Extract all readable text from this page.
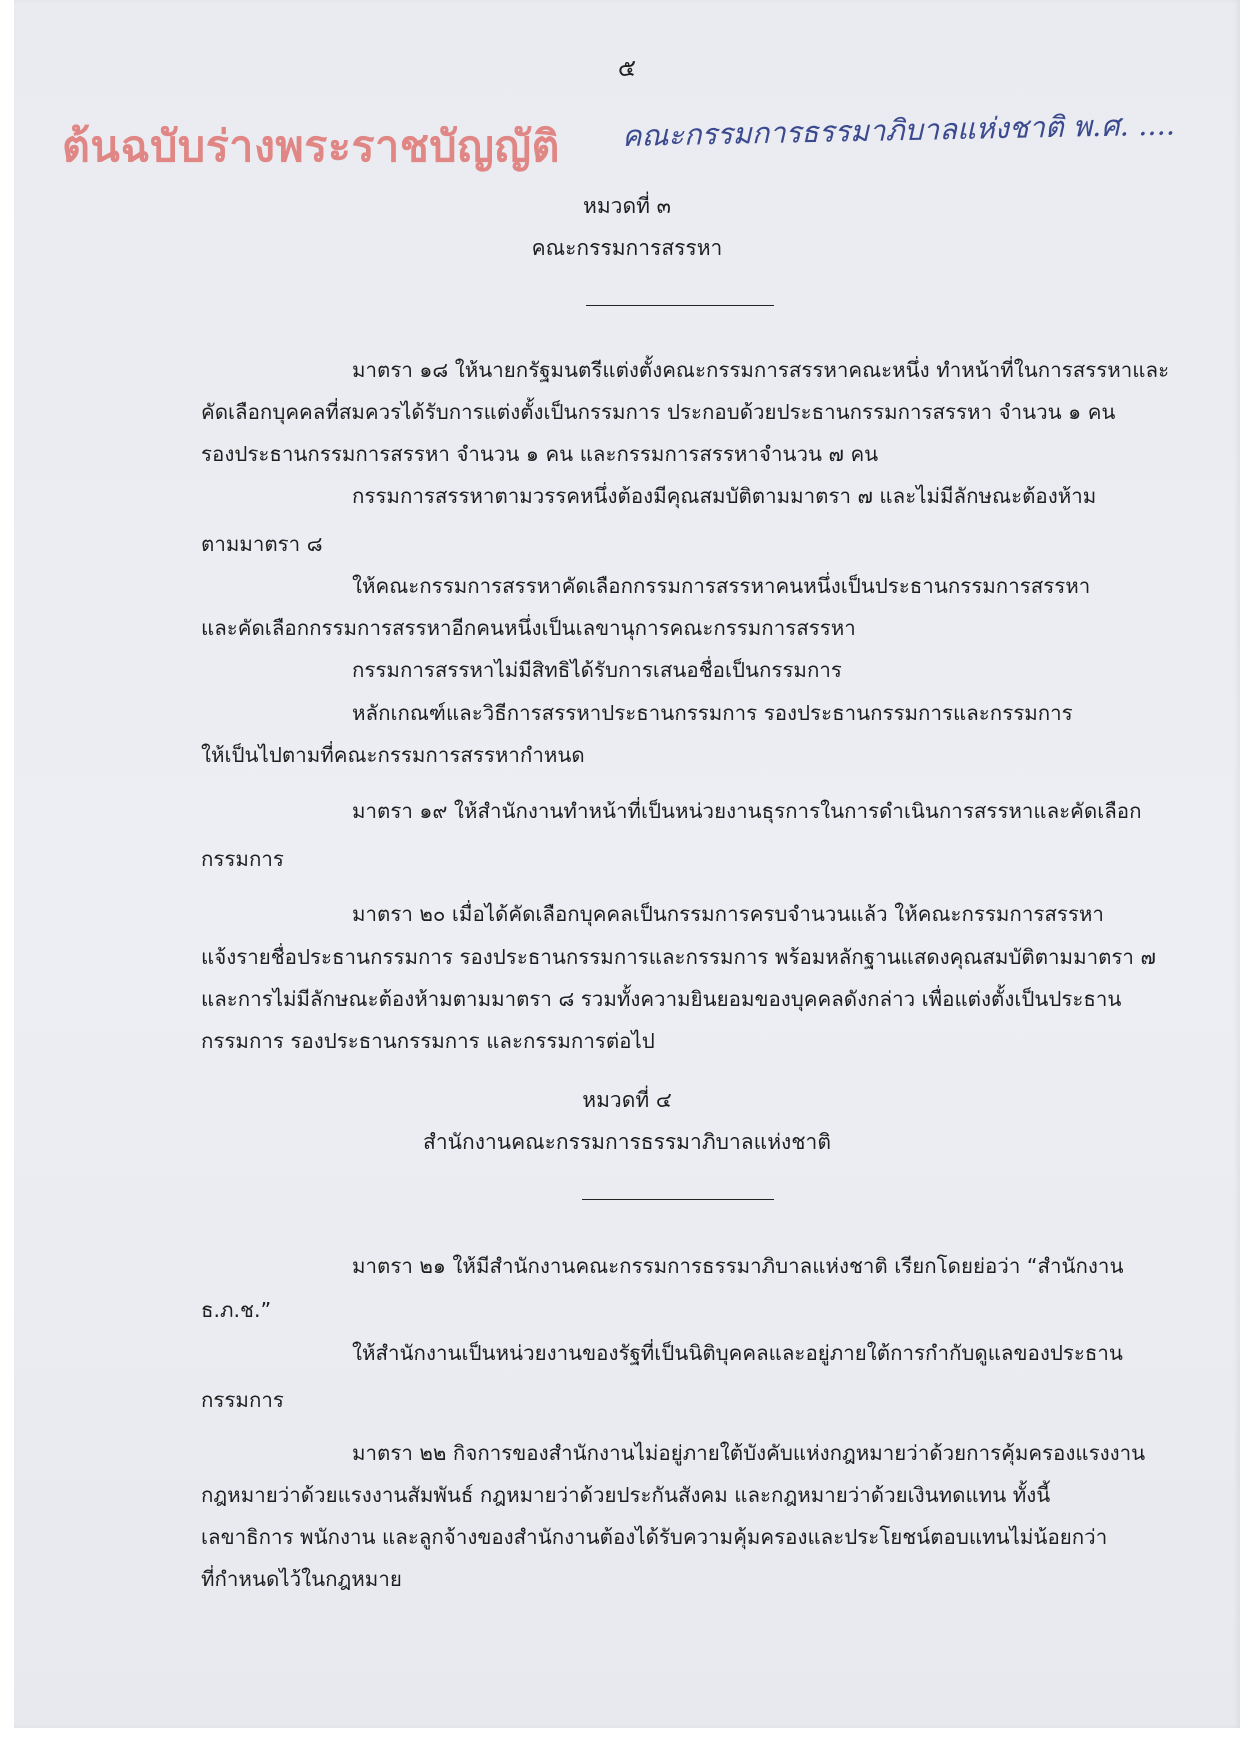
๕
ต้นฉบับร่างพระราชบัญญัติ คณะกรรมการธรรมาภิบาลแห่งชาติ พ.ศ. ....
หมวดที่ ๓
คณะกรรมการสรรหา
มาตรา ๑๘ ให้นายกรัฐมนตรีแต่งตั้งคณะกรรมการสรรหาคณะหนึ่ง ทำหน้าที่ในการสรรหาและ
คัดเลือกบุคคลที่สมควรได้รับการแต่งตั้งเป็นกรรมการ ประกอบด้วยประธานกรรมการสรรหา จำนวน ๑ คน
รองประธานกรรมการสรรหา จำนวน ๑ คน และกรรมการสรรหาจำนวน ๗ คน
กรรมการสรรหาตามวรรคหนึ่งต้องมีคุณสมบัติตามมาตรา ๗ และไม่มีลักษณะต้องห้าม
ตามมาตรา ๘
ให้คณะกรรมการสรรหาคัดเลือกกรรมการสรรหาคนหนึ่งเป็นประธานกรรมการสรรหา
และคัดเลือกกรรมการสรรหาอีกคนหนึ่งเป็นเลขานุการคณะกรรมการสรรหา
กรรมการสรรหาไม่มีสิทธิได้รับการเสนอชื่อเป็นกรรมการ
หลักเกณฑ์และวิธีการสรรหาประธานกรรมการ รองประธานกรรมการและกรรมการ
ให้เป็นไปตามที่คณะกรรมการสรรหากำหนด
มาตรา ๑๙ ให้สำนักงานทำหน้าที่เป็นหน่วยงานธุรการในการดำเนินการสรรหาและคัดเลือก
กรรมการ
มาตรา ๒๐ เมื่อได้คัดเลือกบุคคลเป็นกรรมการครบจำนวนแล้ว ให้คณะกรรมการสรรหา
แจ้งรายชื่อประธานกรรมการ รองประธานกรรมการและกรรมการ พร้อมหลักฐานแสดงคุณสมบัติตามมาตรา ๗
และการไม่มีลักษณะต้องห้ามตามมาตรา ๘ รวมทั้งความยินยอมของบุคคลดังกล่าว เพื่อแต่งตั้งเป็นประธาน
กรรมการ รองประธานกรรมการ และกรรมการต่อไป
หมวดที่ ๔
สำนักงานคณะกรรมการธรรมาภิบาลแห่งชาติ
มาตรา ๒๑ ให้มีสำนักงานคณะกรรมการธรรมาภิบาลแห่งชาติ เรียกโดยย่อว่า “สำนักงาน
ธ.ภ.ช.”
ให้สำนักงานเป็นหน่วยงานของรัฐที่เป็นนิติบุคคลและอยู่ภายใต้การกำกับดูแลของประธาน
กรรมการ
มาตรา ๒๒ กิจการของสำนักงานไม่อยู่ภายใต้บังคับแห่งกฎหมายว่าด้วยการคุ้มครองแรงงาน
กฎหมายว่าด้วยแรงงานสัมพันธ์ กฎหมายว่าด้วยประกันสังคม และกฎหมายว่าด้วยเงินทดแทน ทั้งนี้
เลขาธิการ พนักงาน และลูกจ้างของสำนักงานต้องได้รับความคุ้มครองและประโยชน์ตอบแทนไม่น้อยกว่า
ที่กำหนดไว้ในกฎหมาย
